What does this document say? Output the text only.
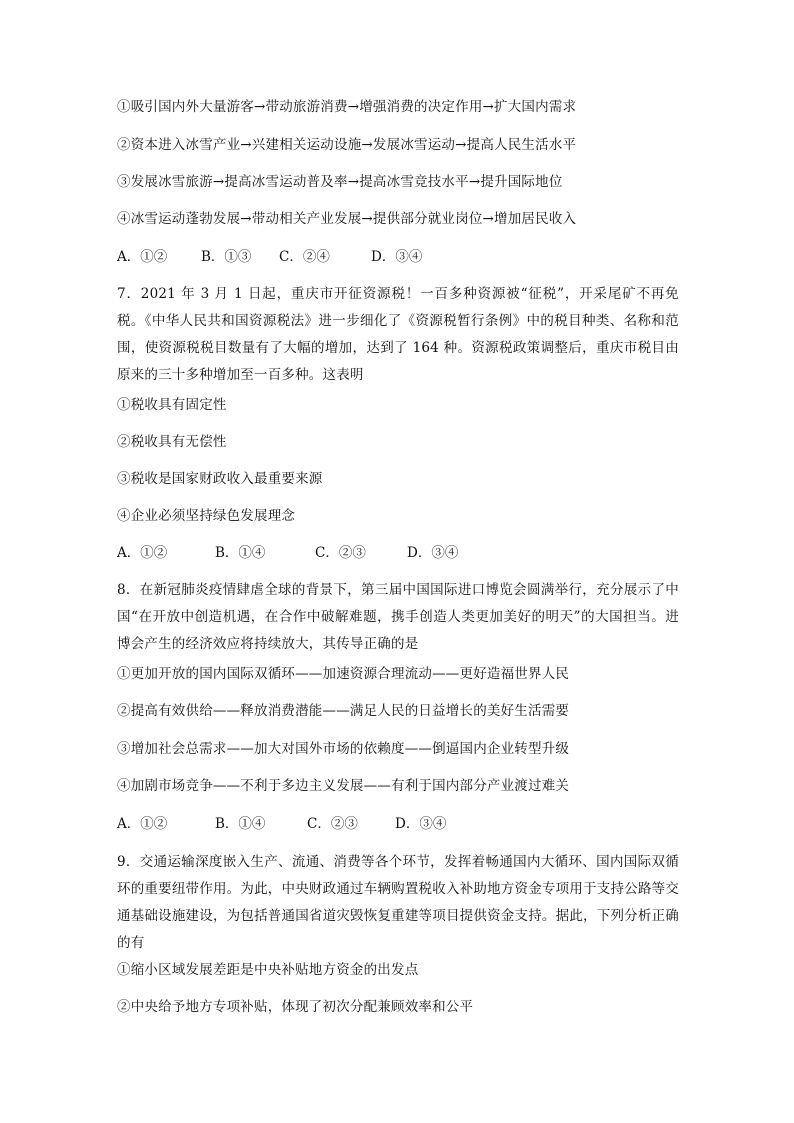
①吸引国内外大量游客→带动旅游消费→增强消费的决定作用→扩大国内需求
②资本进入冰雪产业→兴建相关运动设施→发展冰雪运动→提高人民生活水平
③发展冰雪旅游→提高冰雪运动普及率→提高冰雪竞技水平→提升国际地位
④冰雪运动蓬勃发展→带动相关产业发展→提供部分就业岗位→增加居民收入
A．①②	B．①③ C．②④	D．③④
7．2021 年 3 月 1 日起，重庆市开征资源税！一百多种资源被“征税”，开采尾矿不再免税。《中华人民共和国资源税法》进一步细化了《资源税暂行条例》中的税目种类、名称和范围，使资源税税目数量有了大幅的增加，达到了 164 种。资源税政策调整后，重庆市税目由原来的三十多种增加至一百多种。这表明
①税收具有固定性
②税收具有无偿性
③税收是国家财政收入最重要来源
④企业必须坚持绿色发展理念
A．①②	B．①④	C．②③	D．③④
8．在新冠肺炎疫情肆虐全球的背景下，第三届中国国际进口博览会圆满举行，充分展示了中国“在开放中创造机遇，在合作中破解难题，携手创造人类更加美好的明天”的大国担当。进博会产生的经济效应将持续放大，其传导正确的是
①更加开放的国内国际双循环——加速资源合理流动——更好造福世界人民
②提高有效供给——释放消费潜能——满足人民的日益增长的美好生活需要
③增加社会总需求——加大对国外市场的依赖度——倒逼国内企业转型升级
④加剧市场竞争——不利于多边主义发展——有利于国内部分产业渡过难关
A．①②	B．①④	C．②③	D．③④
9．交通运输深度嵌入生产、流通、消费等各个环节，发挥着畅通国内大循环、国内国际双循环的重要纽带作用。为此，中央财政通过车辆购置税收入补助地方资金专项用于支持公路等交通基础设施建设，为包括普通国省道灾毁恢复重建等项目提供资金支持。据此，下列分析正确的有
①缩小区域发展差距是中央补贴地方资金的出发点
②中央给予地方专项补贴，体现了初次分配兼顾效率和公平
